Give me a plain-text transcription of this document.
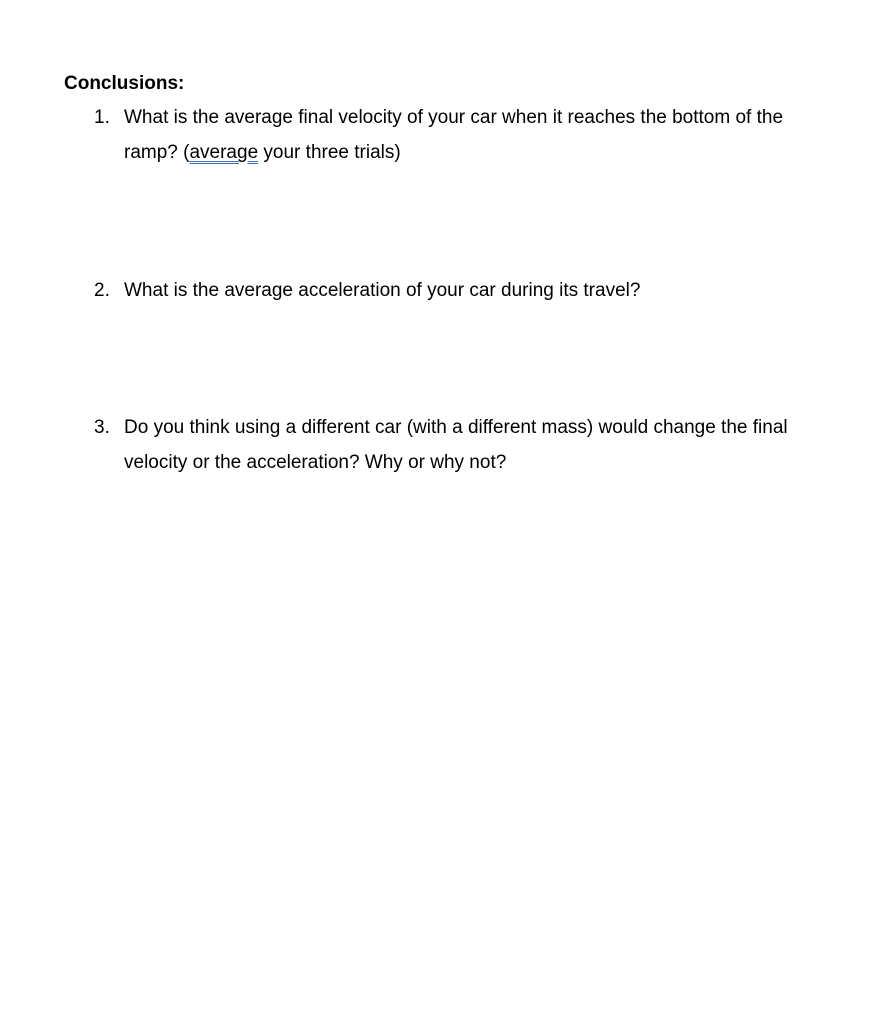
Conclusions:
1. What is the average final velocity of your car when it reaches the bottom of the ramp? (average your three trials)

2. What is the average acceleration of your car during its travel?

3. Do you think using a different car (with a different mass) would change the final velocity or the acceleration? Why or why not?
